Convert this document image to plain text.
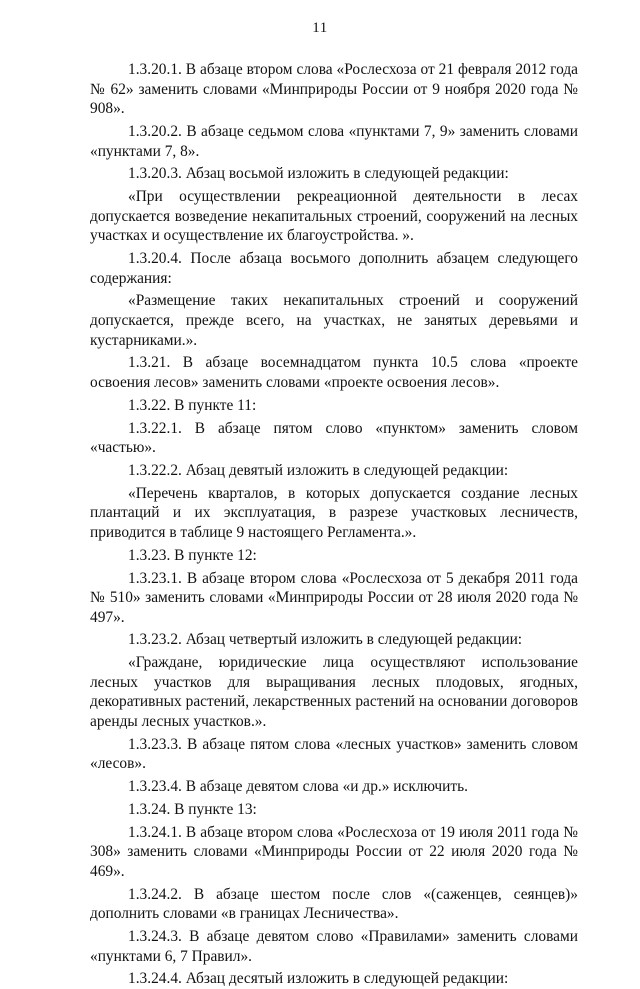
11

1.3.20.1. В абзаце втором слова «Рослесхоза от 21 февраля 2012 года № 62» заменить словами «Минприроды России от 9 ноября 2020 года № 908».

1.3.20.2. В абзаце седьмом слова «пунктами 7, 9» заменить словами «пунктами 7, 8».

1.3.20.3. Абзац восьмой изложить в следующей редакции:

«При осуществлении рекреационной деятельности в лесах допускается возведение некапитальных строений, сооружений на лесных участках и осуществление их благоустройства. ».

1.3.20.4. После абзаца восьмого дополнить абзацем следующего содержания:

«Размещение таких некапитальных строений и сооружений допускается, прежде всего, на участках, не занятых деревьями и кустарниками.».

1.3.21. В абзаце восемнадцатом пункта 10.5 слова «проекте освоения лесов» заменить словами «проекте освоения лесов».

1.3.22. В пункте 11:

1.3.22.1. В абзаце пятом слово «пунктом» заменить словом «частью».

1.3.22.2. Абзац девятый изложить в следующей редакции:

«Перечень кварталов, в которых допускается создание лесных плантаций и их эксплуатация, в разрезе участковых лесничеств, приводится в таблице 9 настоящего Регламента.».

1.3.23. В пункте 12:

1.3.23.1. В абзаце втором слова «Рослесхоза от 5 декабря 2011 года № 510» заменить словами «Минприроды России от 28 июля 2020 года № 497».

1.3.23.2. Абзац четвертый изложить в следующей редакции:

«Граждане, юридические лица осуществляют использование лесных участков для выращивания лесных плодовых, ягодных, декоративных растений, лекарственных растений на основании договоров аренды лесных участков.».

1.3.23.3. В абзаце пятом слова «лесных участков» заменить словом «лесов».

1.3.23.4. В абзаце девятом слова «и др.» исключить.

1.3.24. В пункте 13:

1.3.24.1. В абзаце втором слова «Рослесхоза от 19 июля 2011 года № 308» заменить словами «Минприроды России от 22 июля 2020 года № 469».

1.3.24.2. В абзаце шестом после слов «(саженцев, сеянцев)» дополнить словами «в границах Лесничества».

1.3.24.3. В абзаце девятом слово «Правилами» заменить словами «пунктами 6, 7 Правил».

1.3.24.4. Абзац десятый изложить в следующей редакции:
